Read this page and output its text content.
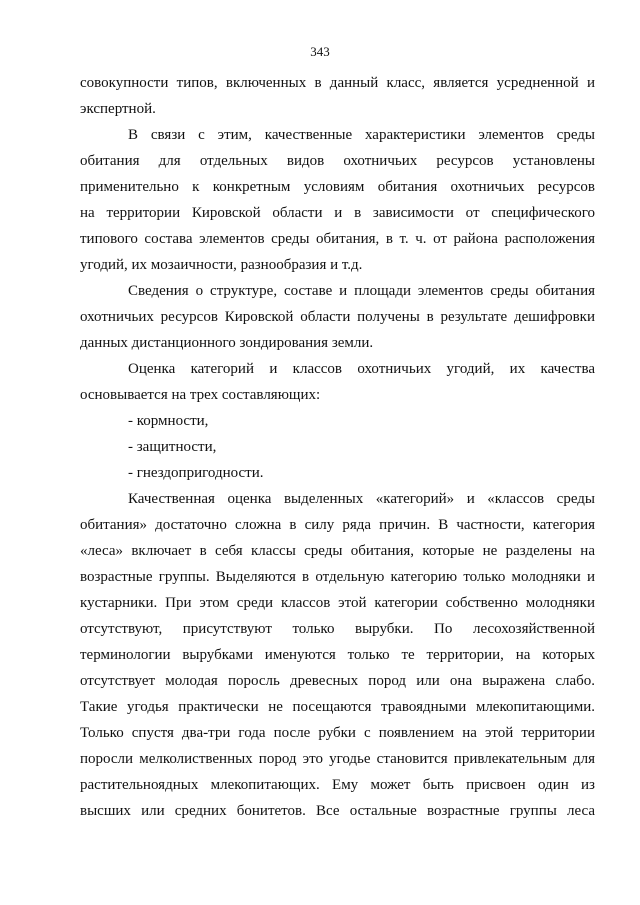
343

совокупности типов, включенных в данный класс, является усредненной и

экспертной.

В связи с этим, качественные характеристики элементов среды

обитания для отдельных видов охотничьих ресурсов установлены

применительно к конкретным условиям обитания охотничьих ресурсов

на территории Кировской области и в зависимости от специфического

типового состава элементов среды обитания, в т. ч. от района расположения

угодий, их мозаичности, разнообразия и т.д.

Сведения о структуре, составе и площади элементов среды обитания

охотничьих ресурсов Кировской области получены в результате дешифровки

данных дистанционного зондирования земли.

Оценка категорий и классов охотничьих угодий, их качества

основывается на трех составляющих:

- кормности,

- защитности,

- гнездопригодности.

Качественная оценка выделенных «категорий» и «классов среды

обитания» достаточно сложна в силу ряда причин. В частности, категория

«леса» включает в себя классы среды обитания, которые не разделены на

возрастные группы. Выделяются в отдельную категорию только молодняки и

кустарники. При этом среди классов этой категории собственно молодняки

отсутствуют, присутствуют только вырубки. По лесохозяйственной

терминологии вырубками именуются только те территории, на которых

отсутствует молодая поросль древесных пород или она выражена слабо.

Такие угодья практически не посещаются травоядными млекопитающими.

Только спустя два-три года после рубки с появлением на этой территории

поросли мелколиственных пород это угодье становится привлекательным для

растительноядных млекопитающих. Ему может быть присвоен один из

высших или средних бонитетов. Все остальные возрастные группы леса
